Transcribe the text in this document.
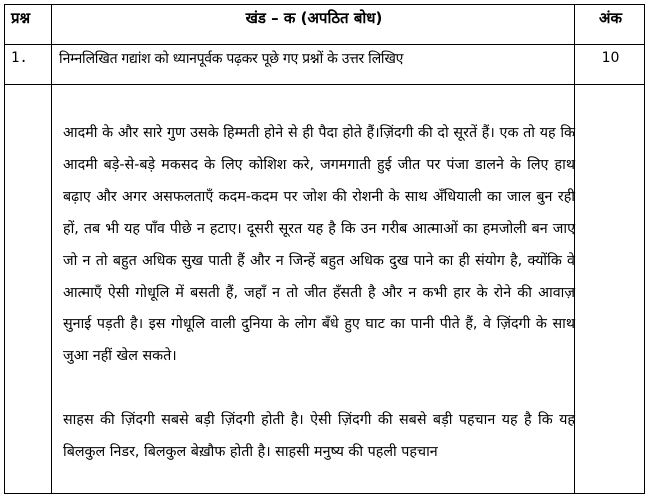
प्रश्न	खंड – क (अपठित बोध)	अंक
1. निम्नलिखित गद्यांश को ध्यानपूर्वक पढ़कर पूछे गए प्रश्नों के उत्तर लिखिए	10

आदमी के और सारे गुण उसके हिम्मती होने से ही पैदा होते हैं।ज़िंदगी की दो सूरतें हैं। एक तो यह कि आदमी बड़े-से-बड़े मकसद के लिए कोशिश करे, जगमगाती हुई जीत पर पंजा डालने के लिए हाथ बढ़ाए और अगर असफलताएँ कदम-कदम पर जोश की रोशनी के साथ अँधियाली का जाल बुन रही हों, तब भी यह पाँव पीछे न हटाए। दूसरी सूरत यह है कि उन गरीब आत्माओं का हमजोली बन जाए जो न तो बहुत अधिक सुख पाती हैं और न जिन्हें बहुत अधिक दुख पाने का ही संयोग है, क्योंकि वे आत्माएँ ऐसी गोधूलि में बसती हैं, जहाँ न तो जीत हँसती है और न कभी हार के रोने की आवाज़ सुनाई पड़ती है। इस गोधूलि वाली दुनिया के लोग बँधे हुए घाट का पानी पीते हैं, वे ज़िंदगी के साथ जुआ नहीं खेल सकते।

साहस की ज़िंदगी सबसे बड़ी ज़िंदगी होती है। ऐसी ज़िंदगी की सबसे बड़ी पहचान यह है कि यह बिलकुल निडर, बिलकुल बेख़ौफ होती है। साहसी मनुष्य की पहली पहचान
